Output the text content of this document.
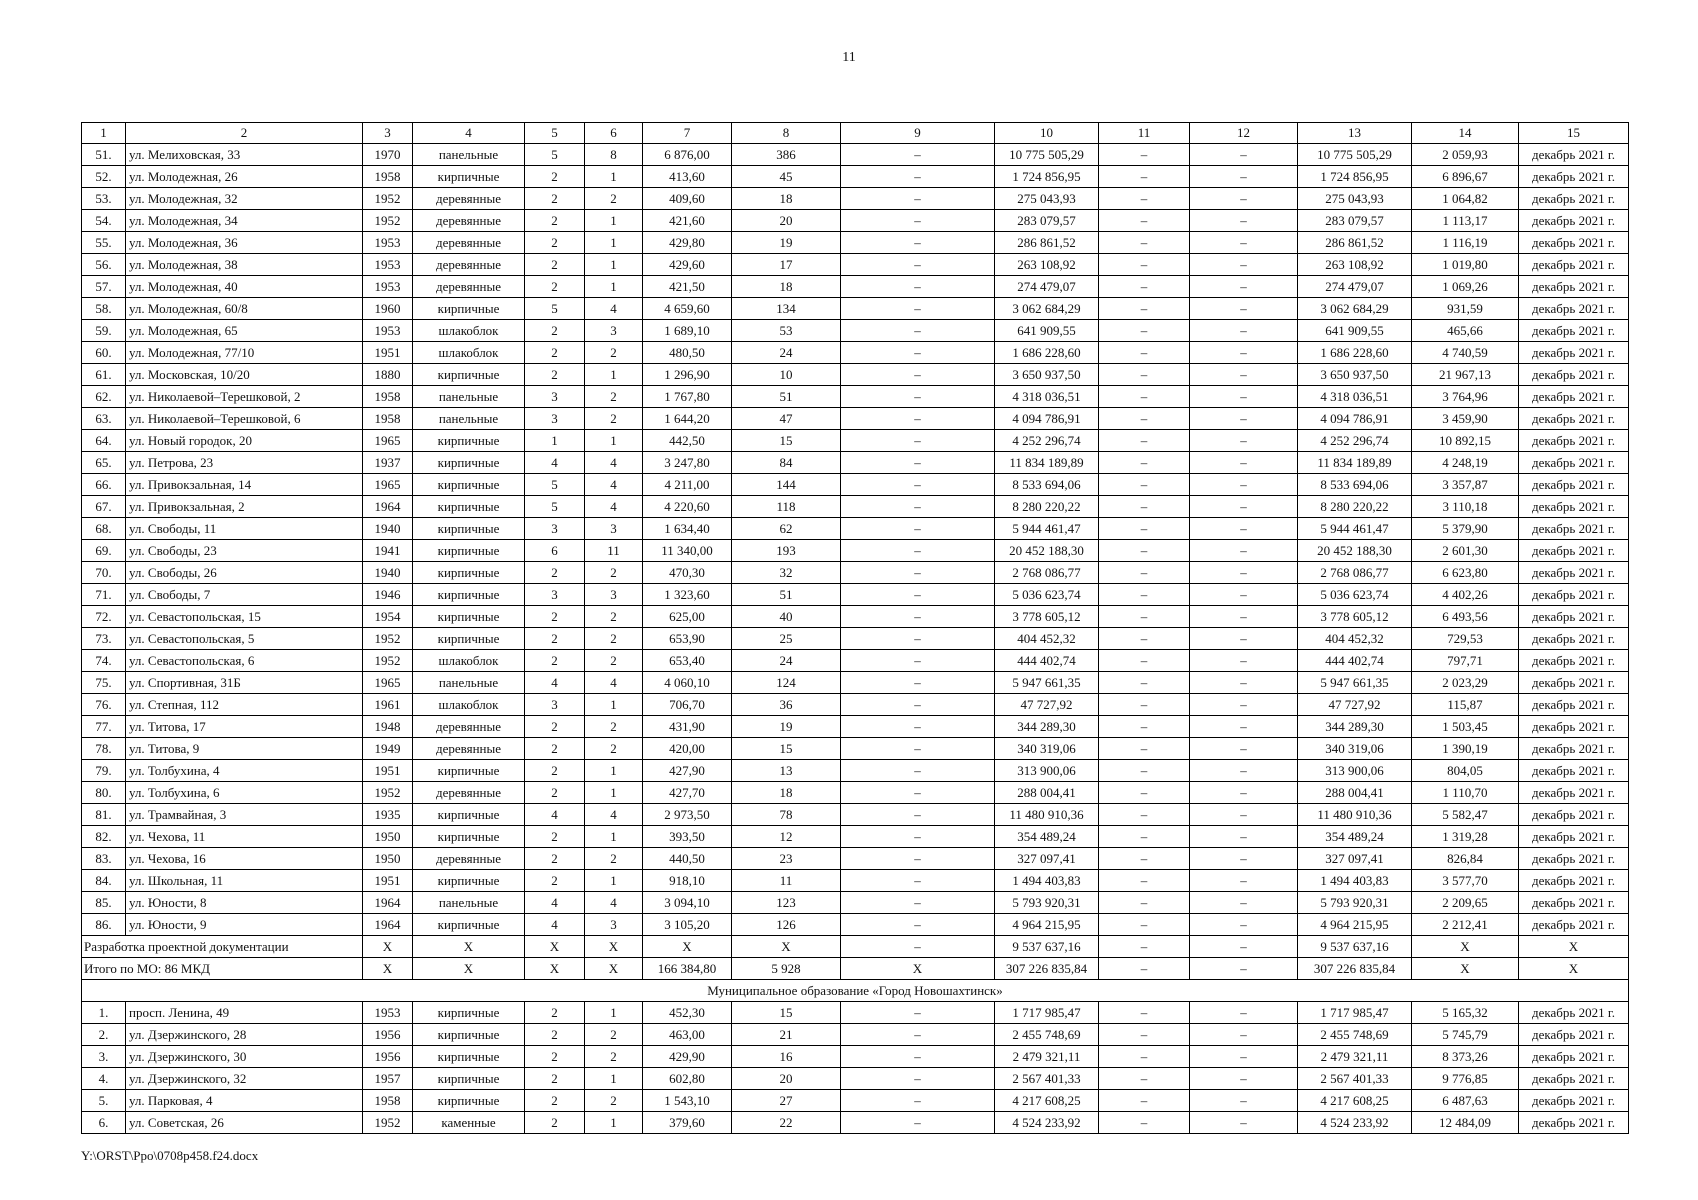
11
1	2	3	4	5	6	7	8	9	10	11	12	13	14	15
51.	ул. Мелиховская, 33	1970	панельные	5	8	6 876,00	386	–	10 775 505,29	–	–	10 775 505,29	2 059,93	декабрь 2021 г.
52.	ул. Молодежная, 26	1958	кирпичные	2	1	413,60	45	–	1 724 856,95	–	–	1 724 856,95	6 896,67	декабрь 2021 г.
53.	ул. Молодежная, 32	1952	деревянные	2	2	409,60	18	–	275 043,93	–	–	275 043,93	1 064,82	декабрь 2021 г.
54.	ул. Молодежная, 34	1952	деревянные	2	1	421,60	20	–	283 079,57	–	–	283 079,57	1 113,17	декабрь 2021 г.
55.	ул. Молодежная, 36	1953	деревянные	2	1	429,80	19	–	286 861,52	–	–	286 861,52	1 116,19	декабрь 2021 г.
56.	ул. Молодежная, 38	1953	деревянные	2	1	429,60	17	–	263 108,92	–	–	263 108,92	1 019,80	декабрь 2021 г.
57.	ул. Молодежная, 40	1953	деревянные	2	1	421,50	18	–	274 479,07	–	–	274 479,07	1 069,26	декабрь 2021 г.
58.	ул. Молодежная, 60/8	1960	кирпичные	5	4	4 659,60	134	–	3 062 684,29	–	–	3 062 684,29	931,59	декабрь 2021 г.
59.	ул. Молодежная, 65	1953	шлакоблок	2	3	1 689,10	53	–	641 909,55	–	–	641 909,55	465,66	декабрь 2021 г.
60.	ул. Молодежная, 77/10	1951	шлакоблок	2	2	480,50	24	–	1 686 228,60	–	–	1 686 228,60	4 740,59	декабрь 2021 г.
61.	ул. Московская, 10/20	1880	кирпичные	2	1	1 296,90	10	–	3 650 937,50	–	–	3 650 937,50	21 967,13	декабрь 2021 г.
62.	ул. Николаевой–Терешковой, 2	1958	панельные	3	2	1 767,80	51	–	4 318 036,51	–	–	4 318 036,51	3 764,96	декабрь 2021 г.
63.	ул. Николаевой–Терешковой, 6	1958	панельные	3	2	1 644,20	47	–	4 094 786,91	–	–	4 094 786,91	3 459,90	декабрь 2021 г.
64.	ул. Новый городок, 20	1965	кирпичные	1	1	442,50	15	–	4 252 296,74	–	–	4 252 296,74	10 892,15	декабрь 2021 г.
65.	ул. Петрова, 23	1937	кирпичные	4	4	3 247,80	84	–	11 834 189,89	–	–	11 834 189,89	4 248,19	декабрь 2021 г.
66.	ул. Привокзальная, 14	1965	кирпичные	5	4	4 211,00	144	–	8 533 694,06	–	–	8 533 694,06	3 357,87	декабрь 2021 г.
67.	ул. Привокзальная, 2	1964	кирпичные	5	4	4 220,60	118	–	8 280 220,22	–	–	8 280 220,22	3 110,18	декабрь 2021 г.
68.	ул. Свободы, 11	1940	кирпичные	3	3	1 634,40	62	–	5 944 461,47	–	–	5 944 461,47	5 379,90	декабрь 2021 г.
69.	ул. Свободы, 23	1941	кирпичные	6	11	11 340,00	193	–	20 452 188,30	–	–	20 452 188,30	2 601,30	декабрь 2021 г.
70.	ул. Свободы, 26	1940	кирпичные	2	2	470,30	32	–	2 768 086,77	–	–	2 768 086,77	6 623,80	декабрь 2021 г.
71.	ул. Свободы, 7	1946	кирпичные	3	3	1 323,60	51	–	5 036 623,74	–	–	5 036 623,74	4 402,26	декабрь 2021 г.
72.	ул. Севастопольская, 15	1954	кирпичные	2	2	625,00	40	–	3 778 605,12	–	–	3 778 605,12	6 493,56	декабрь 2021 г.
73.	ул. Севастопольская, 5	1952	кирпичные	2	2	653,90	25	–	404 452,32	–	–	404 452,32	729,53	декабрь 2021 г.
74.	ул. Севастопольская, 6	1952	шлакоблок	2	2	653,40	24	–	444 402,74	–	–	444 402,74	797,71	декабрь 2021 г.
75.	ул. Спортивная, 31Б	1965	панельные	4	4	4 060,10	124	–	5 947 661,35	–	–	5 947 661,35	2 023,29	декабрь 2021 г.
76.	ул. Степная, 112	1961	шлакоблок	3	1	706,70	36	–	47 727,92	–	–	47 727,92	115,87	декабрь 2021 г.
77.	ул. Титова, 17	1948	деревянные	2	2	431,90	19	–	344 289,30	–	–	344 289,30	1 503,45	декабрь 2021 г.
78.	ул. Титова, 9	1949	деревянные	2	2	420,00	15	–	340 319,06	–	–	340 319,06	1 390,19	декабрь 2021 г.
79.	ул. Толбухина, 4	1951	кирпичные	2	1	427,90	13	–	313 900,06	–	–	313 900,06	804,05	декабрь 2021 г.
80.	ул. Толбухина, 6	1952	деревянные	2	1	427,70	18	–	288 004,41	–	–	288 004,41	1 110,70	декабрь 2021 г.
81.	ул. Трамвайная, 3	1935	кирпичные	4	4	2 973,50	78	–	11 480 910,36	–	–	11 480 910,36	5 582,47	декабрь 2021 г.
82.	ул. Чехова, 11	1950	кирпичные	2	1	393,50	12	–	354 489,24	–	–	354 489,24	1 319,28	декабрь 2021 г.
83.	ул. Чехова, 16	1950	деревянные	2	2	440,50	23	–	327 097,41	–	–	327 097,41	826,84	декабрь 2021 г.
84.	ул. Школьная, 11	1951	кирпичные	2	1	918,10	11	–	1 494 403,83	–	–	1 494 403,83	3 577,70	декабрь 2021 г.
85.	ул. Юности, 8	1964	панельные	4	4	3 094,10	123	–	5 793 920,31	–	–	5 793 920,31	2 209,65	декабрь 2021 г.
86.	ул. Юности, 9	1964	кирпичные	4	3	3 105,20	126	–	4 964 215,95	–	–	4 964 215,95	2 212,41	декабрь 2021 г.
Разработка проектной документации		X	X	X	X	X	X	–	9 537 637,16	–	–	9 537 637,16	X	X
Итого по МО: 86 МКД		X	X	X	X	166 384,80	5 928	X	307 226 835,84	–	–	307 226 835,84	X	X
Муниципальное образование «Город Новошахтинск»														
1.	просп. Ленина, 49	1953	кирпичные	2	1	452,30	15	–	1 717 985,47	–	–	1 717 985,47	5 165,32	декабрь 2021 г.
2.	ул. Дзержинского, 28	1956	кирпичные	2	2	463,00	21	–	2 455 748,69	–	–	2 455 748,69	5 745,79	декабрь 2021 г.
3.	ул. Дзержинского, 30	1956	кирпичные	2	2	429,90	16	–	2 479 321,11	–	–	2 479 321,11	8 373,26	декабрь 2021 г.
4.	ул. Дзержинского, 32	1957	кирпичные	2	1	602,80	20	–	2 567 401,33	–	–	2 567 401,33	9 776,85	декабрь 2021 г.
5.	ул. Парковая, 4	1958	кирпичные	2	2	1 543,10	27	–	4 217 608,25	–	–	4 217 608,25	6 487,63	декабрь 2021 г.
6.	ул. Советская, 26	1952	каменные	2	1	379,60	22	–	4 524 233,92	–	–	4 524 233,92	12 484,09	декабрь 2021 г.
Y:\ORST\Ppo\0708p458.f24.docx
